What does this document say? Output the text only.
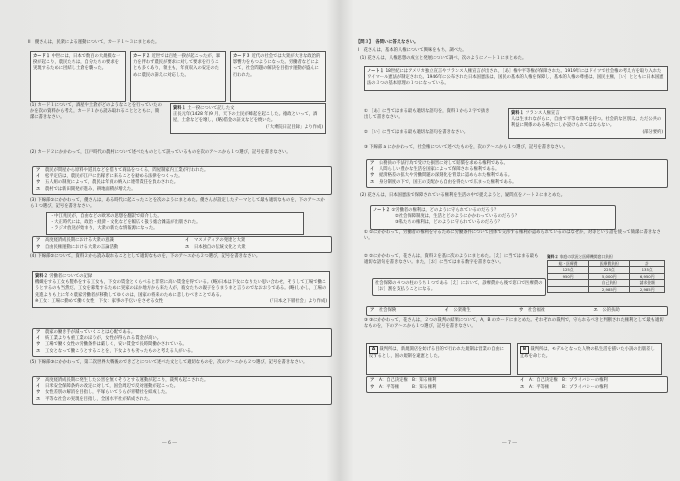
II　優さんは，民衆による運動について，カード１～３にまとめた。
カード１ 中世には，日本で数百の大規模な一揆が起こり，農民たちは，自分たちの要求を実現するために団結し土倉を襲った。
カード２ 近世では百姓一揆が起こったが，暴力を伴わず農民が要求に対して要求を行うことも多くあり，領主も，年貢収入の安定のために農民の訴えに対応した。
カード３ 近代の社会では大衆が大きな政治的影響力をもつようになった。労働者などによって，社会問題の解決を目指す運動が盛んに行われた。
(1) カード１について，酒屋や土倉がどのようなことを行っていたのかを次の資料から考え，カード１から読み取れることとともに，簡潔に書きなさい。
資料１ 土一揆について記した文
正長元年(1428 年)9 月，天下の土民が蜂起を起こした。徳政といって，酒屋，土倉などを壊し，(略)借金の証文などを焼いた。
(「大乗院日記目録」より作成)
(2) カード２にかかわって，江戸時代の農村について述べたものとして誤っているものを次のア～エから１つ選び，記号を書きなさい。
ア	農民が問屋から原料や道具などを借りて商品をつくる，問屋制家内工業が行われた。
イ	松平定信は，農民が江戸に出稼ぎに来ることを勧める法律をつくった。
ウ	五人組の制度によって，農民は年貢の納入に連帯責任を負わされた。
エ	農村では新田開発が進み，耕地面積が増えた。
(3) 下線部①にかかわって，優さんは，ある時代に起こったことを次のようにまとめた。優さんが設定したテーマとして最も適切なものを，下のア～エから１つ選び，記号を書きなさい。
・中江兆民が，自由などの欧米の思想を翻訳で紹介した。
・大正時代には，政治・経済・文化などを幅広く扱う総合雑誌が出版された。
・ラジオ放送が始まり，大衆の新たな情報源になった。
ア	高度経済成長期における大衆の意識	イ	マスメディアの発達と大衆
ウ	自由民権運動における大衆の言論活動	エ	日本独自の伝統文化と大衆
(4) 下線部②について，資料２から読み取れることとして適切なものを，下のア～エから２つ選び，記号を書きなさい。
資料２ 労働者についての記録
機織をする工女も製糸をする工女も，下女の賃金とくらべると非常に高い賃金を得ている。(略)日本は下女になりたい思い合わせ，そうして工場で働こうとするのも当然だ。工女を募集するために実家のほか地方から来た人が，彼女たちの親子をうまうまと言うのでなおおうである。(略)しかし，工場の先進よりも上に年々農家労働者が移動してゆくのは，国家の将来のために悲しむべきことである。
※工女：工場に勤めて働く女性　下女：家事の手伝いをさせる女性	(「日本之下層社会」より作成)
ア	農家の働き手が減っていくことは心配である。
イ	紡工業よりも重工業のほうが，女性が得られる賃金が高い。
ウ	工場で働く女性の労働条件は厳しく，安い賃金で長時間働かされている。
エ	工女となって働こうとすることを，下女よりも劣ったものと考える人がいる。
(5) 下線部③にかかわって，第二次世界大戦後のできごとについて述べた文として適切なものを，次のア～エから２つ選び，記号を書きなさい。
ア	高度経済成長期に発生した公害を無くそうとする運動が起こり，裁判も起こされた。
イ	日米安全保障条約の改定に対して，国会周辺で反対運動が起こった。
ウ	女性差別の解消を目指し，平塚らいてうらが青鞜社を結成した。
エ	平等な社会の実現を目指し，全国水平社が結成された。
― 6 ―
【問３】　各問いに答えなさい。
Ⅰ　花さんは，基本的人権について興味をもち，調べた。
(1) 花さんは，人権思想の成立と発展について調べ，次のようにノート１にまとめた。
ノート１ 18世紀にはアメリカ独立宣言やフランス人権宣言が出され，［あ］権や平等権が保障された。1919年にはドイツで社会権の考え方を取り入れたワイマール憲法が制定された。1946年に公布された日本国憲法は，国民の基本的人権を保障し，基本的人権の尊重は，国民主権，［い］とともに日本国憲法の３つの基本原理の１つになっている。
① ［あ］に当てはまる最も適切な語句を，資料１から２字で抜き出して書きなさい。
資料１ フランス人権宣言
人は生まれながらに，自由で平等な権利を持つ。社会的な区別は，ただ公共の利益に関係のある場合にしか設けられてはならない。
(部分要約)
② ［い］に当てはまる最も適切な語句を書きなさい。
③ 下線部 a にかかわって，社会権について述べたものを，次のア～エから１つ選び，記号を書きなさい。
ア	公務員の不法行為で受けた損害に対して賠償を求める権利である。
イ	人間らしい豊かな生活を国家によって保障される権利である。
ウ	経済格差の拡大や労働問題の深刻化を背景に認められた権利である。
エ	身分制度の下で，国王の支配から自由を得たいで広まった権利である。
(2) 花さんは，日本国憲法で保障されている権利を生活の中で捉えようと，疑問点をノート２にまとめた。
ノート２ ①労働者の権利は，どのように守られているのだろう？
②社会保障制度は，生活とどのようにかかわっているのだろう？
③私たちの権利は，どのように守られているのだろう？
① ①にかかわって，労働者の権利を守るために労働条件について団体で交渉する権利が認められているのはなぜか，対等という語を使って簡潔に書きなさい。
② ②にかかわって，花さんは，資料２を基に次のようにまとめた。［え］に当てはまる最も適切な語句を書きなさい。また，［お］に当てはまる数字を書きなさい。
資料２ 家庭の状況と医療機関窓口負担
総・医療費	医療費負担	計
125点	225点	135点
950円	5,000円	6,950円
	自己負担	請求金額
	2,985円	2,985円
社会保障の４つの柱のうち１つである［え］において，診療費から後で窓口で医療費の［お］割を支払うことになる。
ア	社会保険	イ	公衆衛生	ウ	社会福祉	エ	公的扶助
③ ③にかかわって，花さんは，２つの裁判の結果について，A，B のカードにまとめた。それぞれの裁判で，守られるべきと判断された権利として最も適切なものを，下のア～エから１つ選び，記号を書きなさい。
A 裁判所は，新規開店を妨げる目的で行われた規制は営業の自由に反するとし，国の規制を違憲とした。
B 裁判所は，モデルとなった人物の私生活を描いた小説の出版差し止めを命じた。
ア	A：自己決定権　B：知る権利	イ	A：自己決定権　B：プライバシーの権利
ウ	A：平等権　　　B：知る権利	エ	A：平等権　　　B：プライバシーの権利
― 7 ―
